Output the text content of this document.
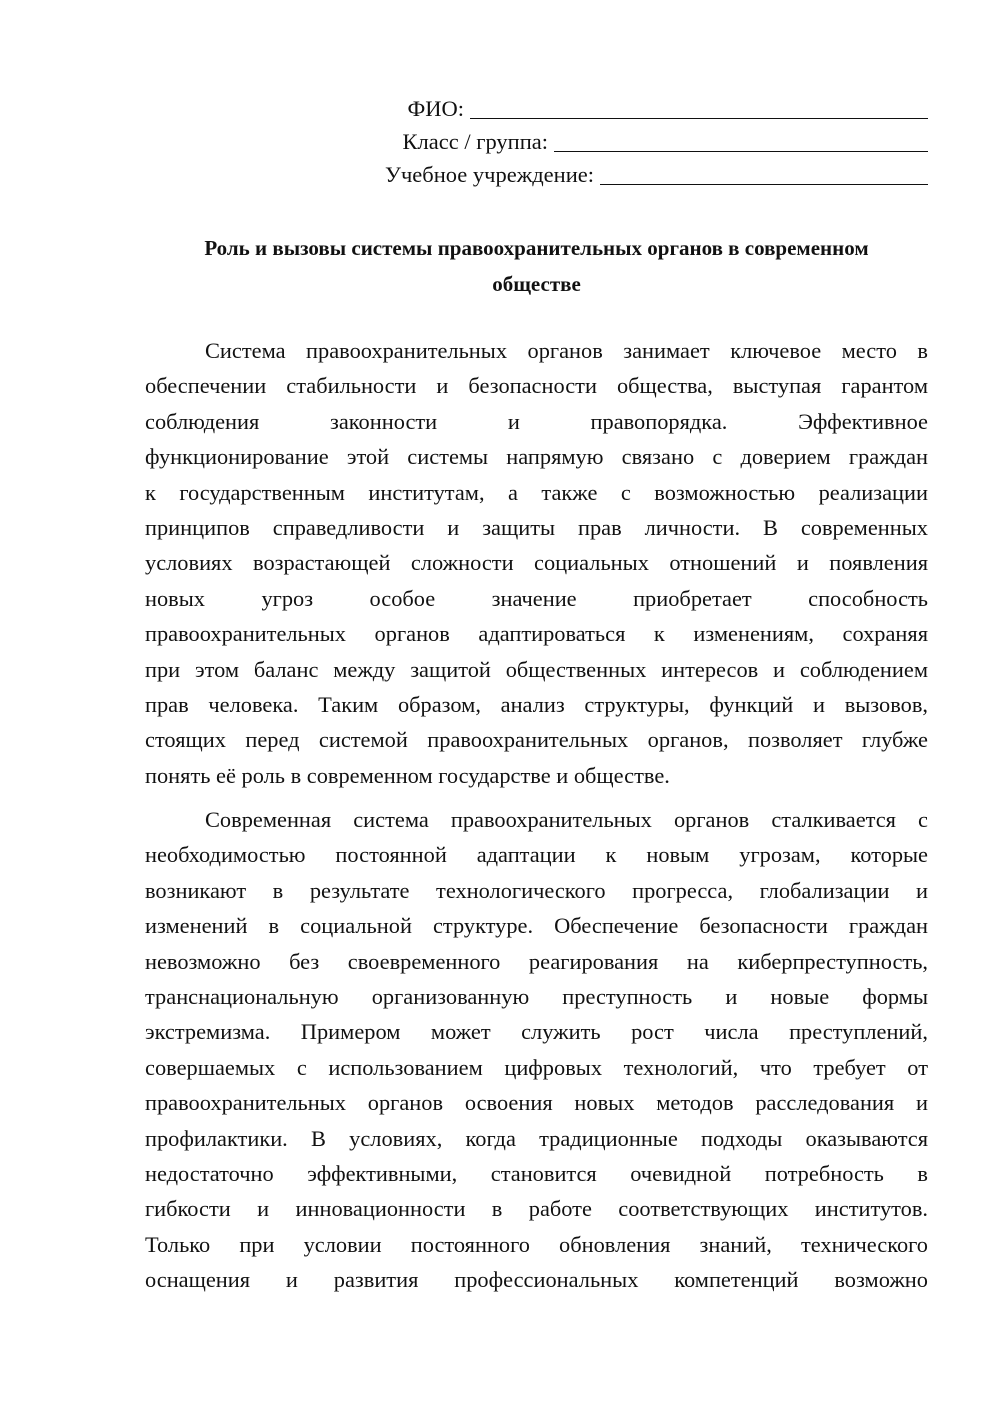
ФИО:
Класс / группа:
Учебное учреждение:
Роль и вызовы системы правоохранительных органов в современном
обществе
Система правоохранительных органов занимает ключевое место в
обеспечении стабильности и безопасности общества, выступая гарантом
соблюдения законности и правопорядка. Эффективное
функционирование этой системы напрямую связано с доверием граждан
к государственным институтам, а также с возможностью реализации
принципов справедливости и защиты прав личности. В современных
условиях возрастающей сложности социальных отношений и появления
новых угроз особое значение приобретает способность
правоохранительных органов адаптироваться к изменениям, сохраняя
при этом баланс между защитой общественных интересов и соблюдением
прав человека. Таким образом, анализ структуры, функций и вызовов,
стоящих перед системой правоохранительных органов, позволяет глубже
понять её роль в современном государстве и обществе.
Современная система правоохранительных органов сталкивается с
необходимостью постоянной адаптации к новым угрозам, которые
возникают в результате технологического прогресса, глобализации и
изменений в социальной структуре. Обеспечение безопасности граждан
невозможно без своевременного реагирования на киберпреступность,
транснациональную организованную преступность и новые формы
экстремизма. Примером может служить рост числа преступлений,
совершаемых с использованием цифровых технологий, что требует от
правоохранительных органов освоения новых методов расследования и
профилактики. В условиях, когда традиционные подходы оказываются
недостаточно эффективными, становится очевидной потребность в
гибкости и инновационности в работе соответствующих институтов.
Только при условии постоянного обновления знаний, технического
оснащения и развития профессиональных компетенций возможно
